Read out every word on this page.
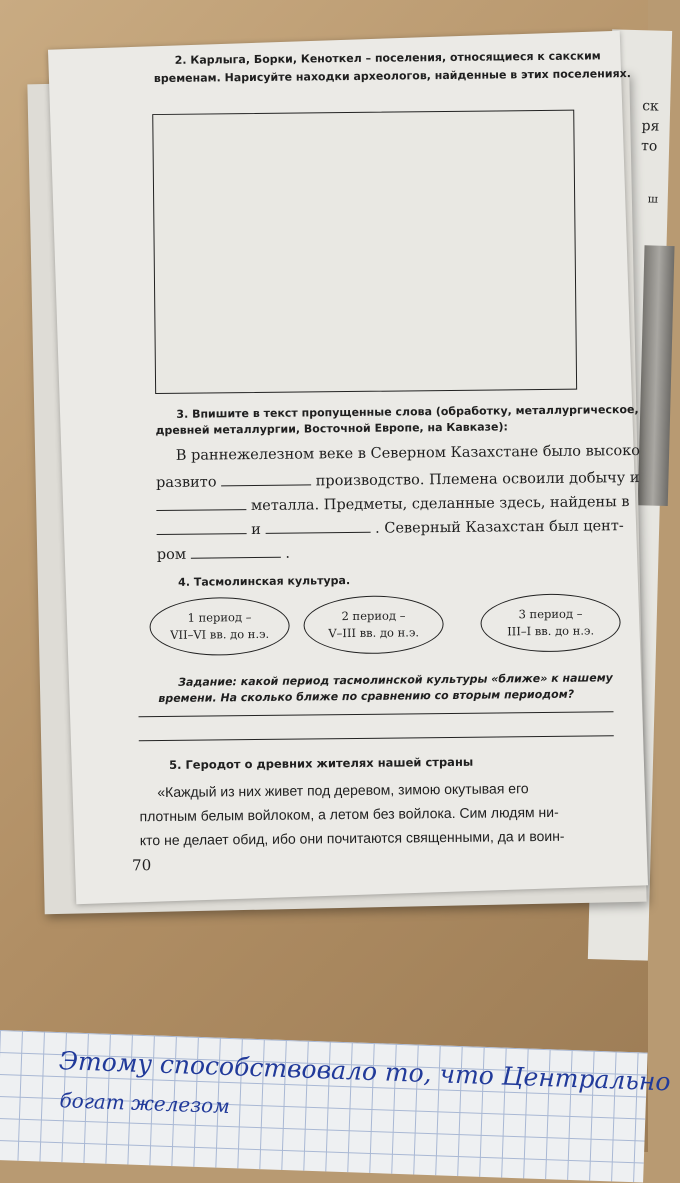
ск
ря
то
ш
2. Карлыга, Борки, Кеноткел – поселения, относящиеся к сакским
временам. Нарисуйте находки археологов, найденные в этих поселениях.
3. Впишите в текст пропущенные слова (обработку, металлургическое,
древней металлургии, Восточной Европе, на Кавказе):
В раннежелезном веке в Северном Казахстане было высоко
развито	производство. Племена освоили добычу и
металла. Предметы, сделанные здесь, найдены в
и	. Северный Казахстан был цент-
ром	.
4. Тасмолинская культура.
1 период –
VII–VI вв. до н.э.
2 период –
V–III вв. до н.э.
3 период –
III–I вв. до н.э.
Задание: какой период тасмолинской культуры «ближе» к нашему
времени. На сколько ближе по сравнению со вторым периодом?
5. Геродот о древних жителях нашей страны
«Каждый из них живет под деревом, зимою окутывая его
плотным белым войлоком, а летом без войлока. Сим людям ни-
кто не делает обид, ибо они почитаются священными, да и воин-
70
Этому способствовало то, что Центрально
богат железом
